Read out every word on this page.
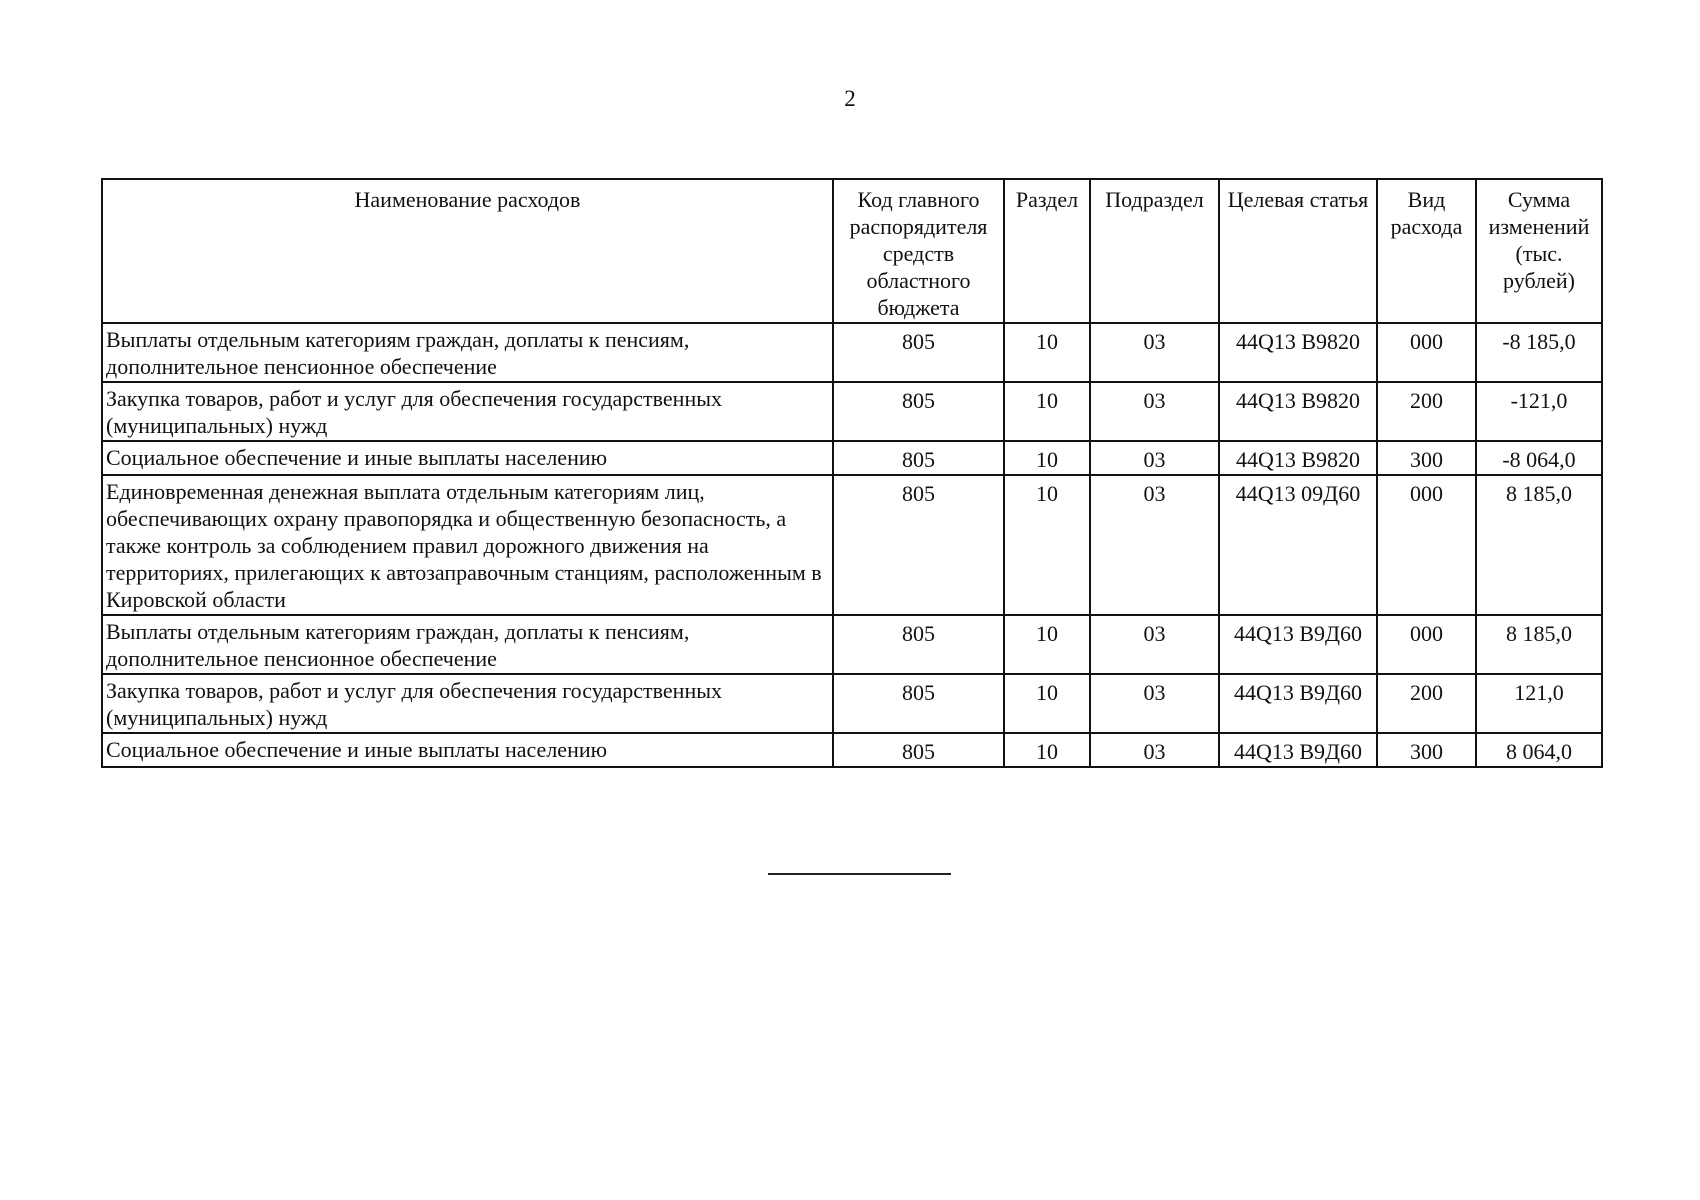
2
Наименование расходов	Код главного распорядителя средств областного бюджета	Раздел	Подраздел	Целевая статья	Вид расхода	Сумма изменений (тыс. рублей)
Выплаты отдельным категориям граждан, доплаты к пенсиям, дополнительное пенсионное обеспечение	805	10	03	44Q13 В9820	000	-8 185,0
Закупка товаров, работ и услуг для обеспечения государственных (муниципальных) нужд	805	10	03	44Q13 В9820	200	-121,0
Социальное обеспечение и иные выплаты населению	805	10	03	44Q13 В9820	300	-8 064,0
Единовременная денежная выплата отдельным категориям лиц, обеспечивающих охрану правопорядка и общественную безопасность, а также контроль за соблюдением правил дорожного движения на территориях, прилегающих к автозаправочным станциям, расположенным в Кировской области	805	10	03	44Q13 09Д60	000	8 185,0
Выплаты отдельным категориям граждан, доплаты к пенсиям, дополнительное пенсионное обеспечение	805	10	03	44Q13 В9Д60	000	8 185,0
Закупка товаров, работ и услуг для обеспечения государственных (муниципальных) нужд	805	10	03	44Q13 В9Д60	200	121,0
Социальное обеспечение и иные выплаты населению	805	10	03	44Q13 В9Д60	300	8 064,0
